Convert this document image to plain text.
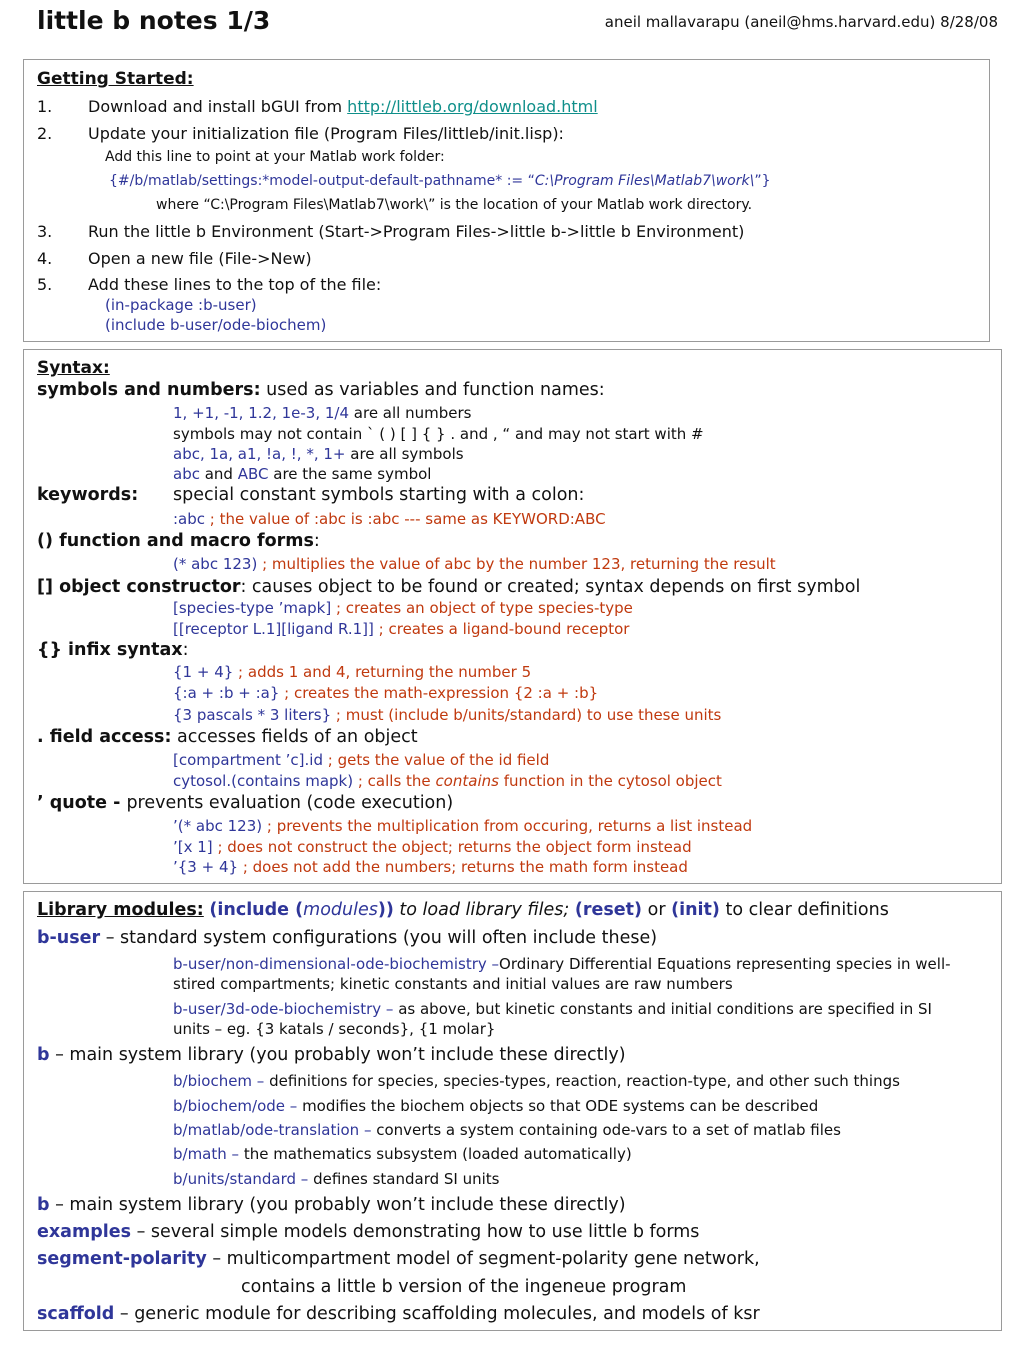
little b notes 1/3	aneil mallavarapu (aneil@hms.harvard.edu) 8/28/08
Getting Started:
1. Download and install bGUI from http://littleb.org/download.html
2. Update your initialization file (Program Files/littleb/init.lisp):
Add this line to point at your Matlab work folder:
{#/b/matlab/settings:*model-output-default-pathname* := “C:\Program Files\Matlab7\work\”}
where “C:\Program Files\Matlab7\work\” is the location of your Matlab work directory.
3. Run the little b Environment (Start->Program Files->little b->little b Environment)
4. Open a new file (File->New)
5. Add these lines to the top of the file:
(in-package :b-user)
(include b-user/ode-biochem)
Syntax:
symbols and numbers: used as variables and function names:
1, +1, -1, 1.2, 1e-3, 1/4 are all numbers
symbols may not contain ` ( ) [ ] { } . and , “ and may not start with #
abc, 1a, a1, !a, !, *, 1+ are all symbols
abc and ABC are the same symbol
keywords: special constant symbols starting with a colon:
:abc ; the value of :abc is :abc --- same as KEYWORD:ABC
() function and macro forms:
(* abc 123) ; multiplies the value of abc by the number 123, returning the result
[] object constructor: causes object to be found or created; syntax depends on first symbol
[species-type ’mapk] ; creates an object of type species-type
[[receptor L.1][ligand R.1]] ; creates a ligand-bound receptor
{} infix syntax:
{1 + 4} ; adds 1 and 4, returning the number 5
{:a + :b + :a} ; creates the math-expression {2 :a + :b}
{3 pascals * 3 liters} ; must (include b/units/standard) to use these units
. field access: accesses fields of an object
[compartment ’c].id ; gets the value of the id field
cytosol.(contains mapk) ; calls the contains function in the cytosol object
’ quote - prevents evaluation (code execution)
’(* abc 123) ; prevents the multiplication from occuring, returns a list instead
’[x 1] ; does not construct the object; returns the object form instead
’{3 + 4} ; does not add the numbers; returns the math form instead
Library modules: (include (modules)) to load library files; (reset) or (init) to clear definitions
b-user – standard system configurations (you will often include these)
b-user/non-dimensional-ode-biochemistry –Ordinary Differential Equations representing species in well-stired compartments; kinetic constants and initial values are raw numbers
b-user/3d-ode-biochemistry – as above, but kinetic constants and initial conditions are specified in SI units – eg. {3 katals / seconds}, {1 molar}
b – main system library (you probably won’t include these directly)
b/biochem – definitions for species, species-types, reaction, reaction-type, and other such things
b/biochem/ode – modifies the biochem objects so that ODE systems can be described
b/matlab/ode-translation – converts a system containing ode-vars to a set of matlab files
b/math – the mathematics subsystem (loaded automatically)
b/units/standard – defines standard SI units
b – main system library (you probably won’t include these directly)
examples – several simple models demonstrating how to use little b forms
segment-polarity – multicompartment model of segment-polarity gene network,
contains a little b version of the ingeneue program
scaffold – generic module for describing scaffolding molecules, and models of ksr
